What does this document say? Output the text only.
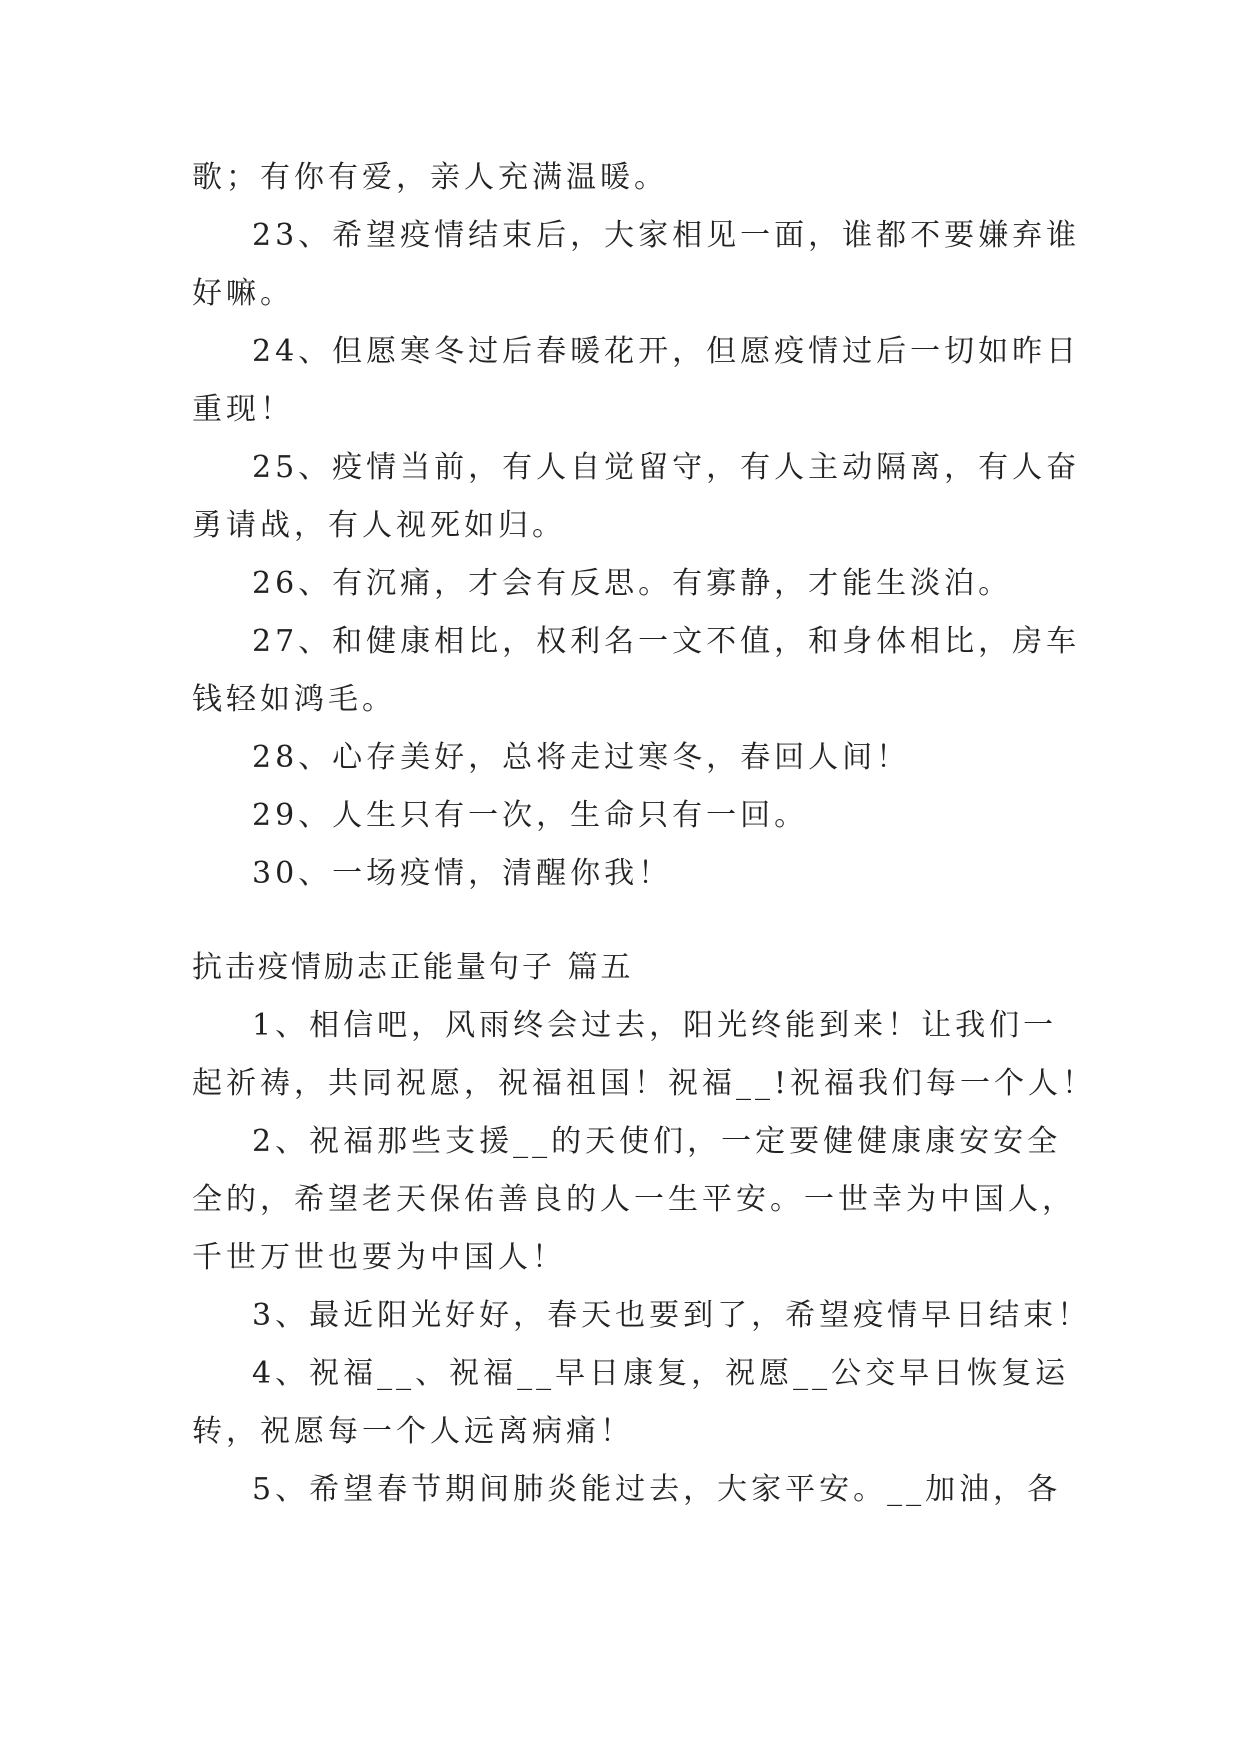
歌；有你有爱，亲人充满温暖。
23、希望疫情结束后，大家相见一面，谁都不要嫌弃谁
好嘛。
24、但愿寒冬过后春暖花开，但愿疫情过后一切如昨日
重现！
25、疫情当前，有人自觉留守，有人主动隔离，有人奋
勇请战，有人视死如归。
26、有沉痛，才会有反思。有寡静，才能生淡泊。
27、和健康相比，权利名一文不值，和身体相比，房车
钱轻如鸿毛。
28、心存美好，总将走过寒冬，春回人间！
29、人生只有一次，生命只有一回。
30、一场疫情，清醒你我！
抗击疫情励志正能量句子 篇五
1、相信吧，风雨终会过去，阳光终能到来！让我们一
起祈祷，共同祝愿，祝福祖国！祝福__!祝福我们每一个人！
2、祝福那些支援__的天使们，一定要健健康康安安全
全的，希望老天保佑善良的人一生平安。一世幸为中国人，
千世万世也要为中国人！
3、最近阳光好好，春天也要到了，希望疫情早日结束！
4、祝福__、祝福__早日康复，祝愿__公交早日恢复运
转，祝愿每一个人远离病痛！
5、希望春节期间肺炎能过去，大家平安。__加油，各
